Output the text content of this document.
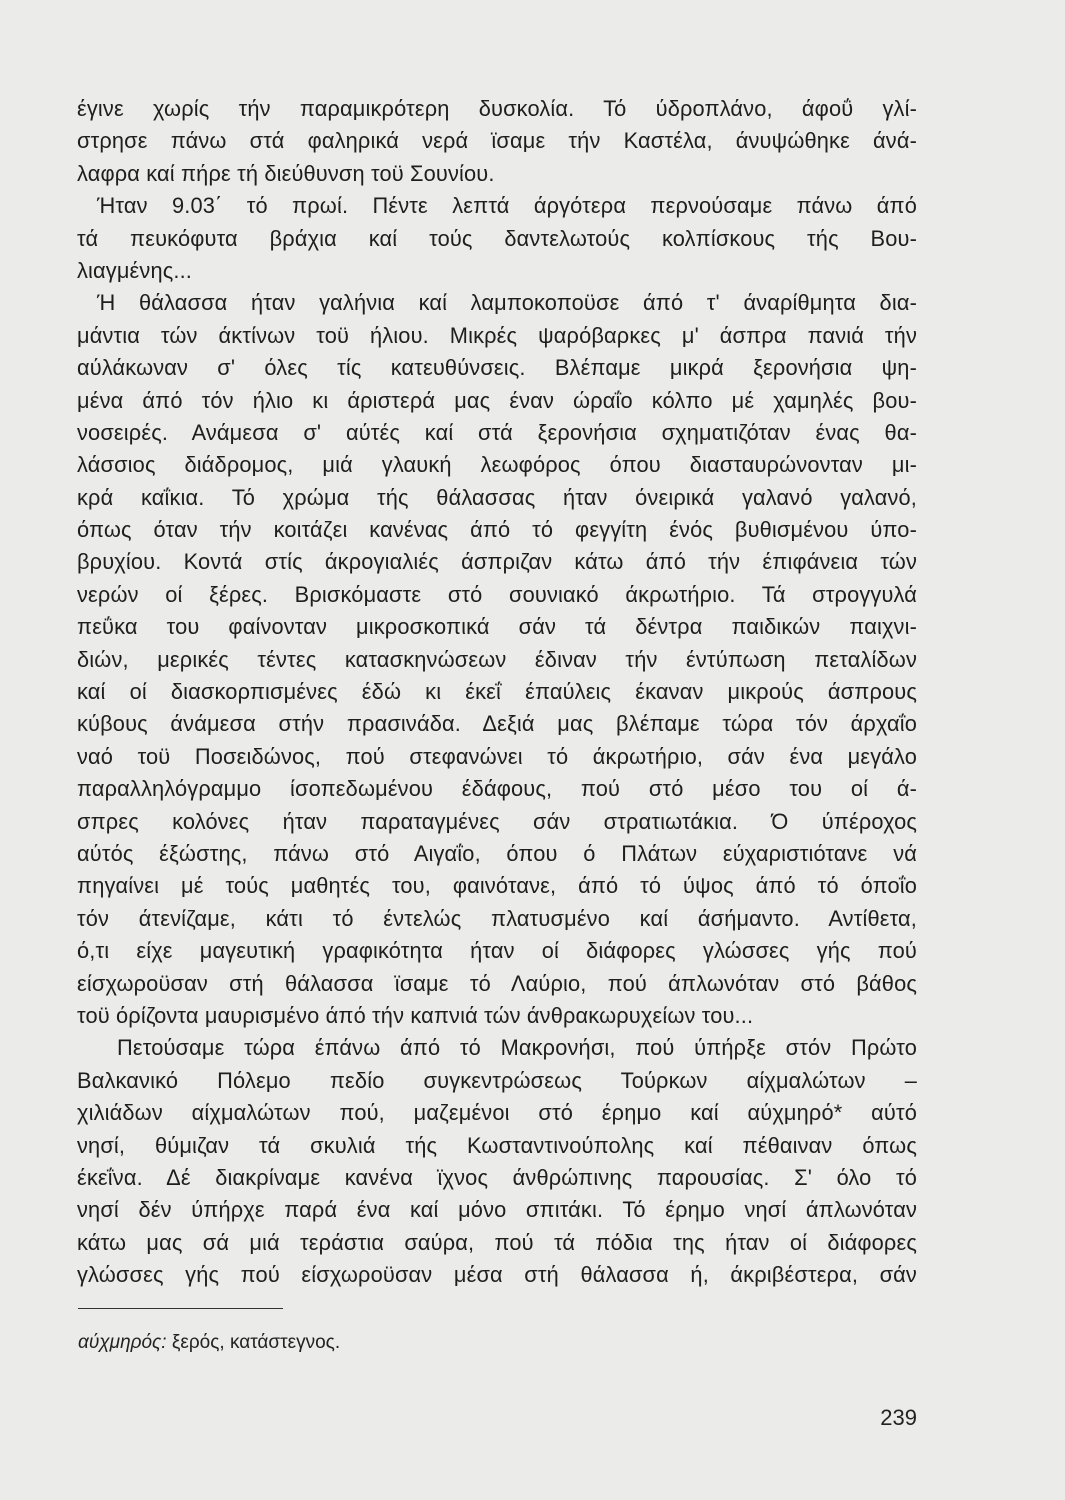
έγινε χωρίς τήν παραμικρότερη δυσκολία. Τό ύδροπλάνο, άφοΰ γλί-
στρησε πάνω στά φαληρικά νερά ϊσαμε τήν Καστέλα, άνυψώθηκε άνά-
λαφρα καί πήρε τή διεύθυνση τοϋ Σουνίου.
Ήταν 9.03΄ τό πρωί. Πέντε λεπτά άργότερα περνούσαμε πάνω άπό
τά πευκόφυτα βράχια καί τούς δαντελωτούς κολπίσκους τής Βου-
λιαγμένης...
Ή θάλασσα ήταν γαλήνια καί λαμποκοποϋσε άπό τ' άναρίθμητα δια-
μάντια τών άκτίνων τοϋ ήλιου. Μικρές ψαρόβαρκες μ' άσπρα πανιά τήν
αύλάκωναν σ' όλες τίς κατευθύνσεις. Βλέπαμε μικρά ξερονήσια ψη-
μένα άπό τόν ήλιο κι άριστερά μας έναν ώραΐο κόλπο μέ χαμηλές βου-
νοσειρές. Ανάμεσα σ' αύτές καί στά ξερονήσια σχηματιζόταν ένας θα-
λάσσιος διάδρομος, μιά γλαυκή λεωφόρος όπου διασταυρώνονταν μι-
κρά καΐκια. Τό χρώμα τής θάλασσας ήταν όνειρικά γαλανό γαλανό,
όπως όταν τήν κοιτάζει κανένας άπό τό φεγγίτη ένός βυθισμένου ύπο-
βρυχίου. Κοντά στίς άκρογιαλιές άσπριζαν κάτω άπό τήν έπιφάνεια τών
νερών οί ξέρες. Βρισκόμαστε στό σουνιακό άκρωτήριο. Τά στρογγυλά
πεΰκα του φαίνονταν μικροσκοπικά σάν τά δέντρα παιδικών παιχνι-
διών, μερικές τέντες κατασκηνώσεων έδιναν τήν έντύπωση πεταλίδων
καί οί διασκορπισμένες έδώ κι έκεΐ έπαύλεις έκαναν μικρούς άσπρους
κύβους άνάμεσα στήν πρασινάδα. Δεξιά μας βλέπαμε τώρα τόν άρχαΐο
ναό τοϋ Ποσειδώνος, πού στεφανώνει τό άκρωτήριο, σάν ένα μεγάλο
παραλληλόγραμμο ίσοπεδωμένου έδάφους, πού στό μέσο του οί ά-
σπρες κολόνες ήταν παραταγμένες σάν στρατιωτάκια. Ό ύπέροχος
αύτός έξώστης, πάνω στό Αιγαΐο, όπου ό Πλάτων εύχαριστιότανε νά
πηγαίνει μέ τούς μαθητές του, φαινότανε, άπό τό ύψος άπό τό όποΐο
τόν άτενίζαμε, κάτι τό έντελώς πλατυσμένο καί άσήμαντο. Αντίθετα,
ό,τι είχε μαγευτική γραφικότητα ήταν οί διάφορες γλώσσες γής πού
είσχωροϋσαν στή θάλασσα ϊσαμε τό Λαύριο, πού άπλωνόταν στό βάθος
τοϋ όρίζοντα μαυρισμένο άπό τήν καπνιά τών άνθρακωρυχείων του...
Πετούσαμε τώρα έπάνω άπό τό Μακρονήσι, πού ύπήρξε στόν Πρώτο
Βαλκανικό Πόλεμο πεδίο συγκεντρώσεως Τούρκων αίχμαλώτων –
χιλιάδων αίχμαλώτων πού, μαζεμένοι στό έρημο καί αύχμηρό* αύτό
νησί, θύμιζαν τά σκυλιά τής Κωσταντινούπολης καί πέθαιναν όπως
έκεΐνα. Δέ διακρίναμε κανένα ϊχνος άνθρώπινης παρουσίας. Σ' όλο τό
νησί δέν ύπήρχε παρά ένα καί μόνο σπιτάκι. Τό έρημο νησί άπλωνόταν
κάτω μας σά μιά τεράστια σαύρα, πού τά πόδια της ήταν οί διάφορες
γλώσσες γής πού είσχωροϋσαν μέσα στή θάλασσα ή, άκριβέστερα, σάν
αύχμηρός: ξερός, κατάστεγνος.
239
